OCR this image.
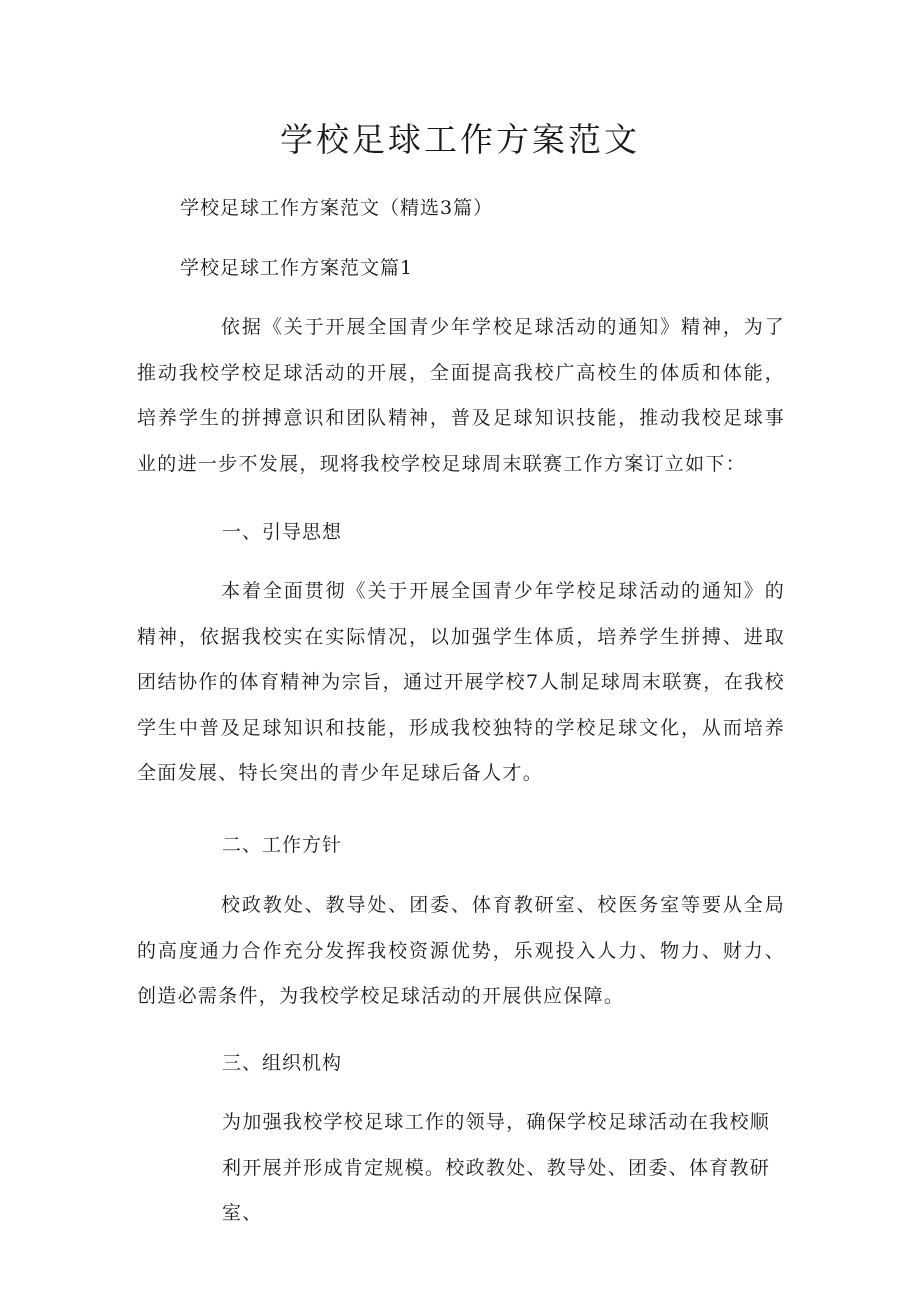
学校足球工作方案范文

学校足球工作方案范文（精选3篇）

学校足球工作方案范文篇1

依据《关于开展全国青少年学校足球活动的通知》精神，为了推动我校学校足球活动的开展，全面提高我校广高校生的体质和体能，培养学生的拼搏意识和团队精神，普及足球知识技能，推动我校足球事业的进一步不发展，现将我校学校足球周末联赛工作方案订立如下：

一、引导思想

本着全面贯彻《关于开展全国青少年学校足球活动的通知》的精神，依据我校实在实际情况，以加强学生体质，培养学生拼搏、进取团结协作的体育精神为宗旨，通过开展学校7人制足球周末联赛，在我校学生中普及足球知识和技能，形成我校独特的学校足球文化，从而培养全面发展、特长突出的青少年足球后备人才。

二、工作方针

校政教处、教导处、团委、体育教研室、校医务室等要从全局的高度通力合作充分发挥我校资源优势，乐观投入人力、物力、财力、创造必需条件，为我校学校足球活动的开展供应保障。

三、组织机构

为加强我校学校足球工作的领导，确保学校足球活动在我校顺利开展并形成肯定规模。校政教处、教导处、团委、体育教研室、
